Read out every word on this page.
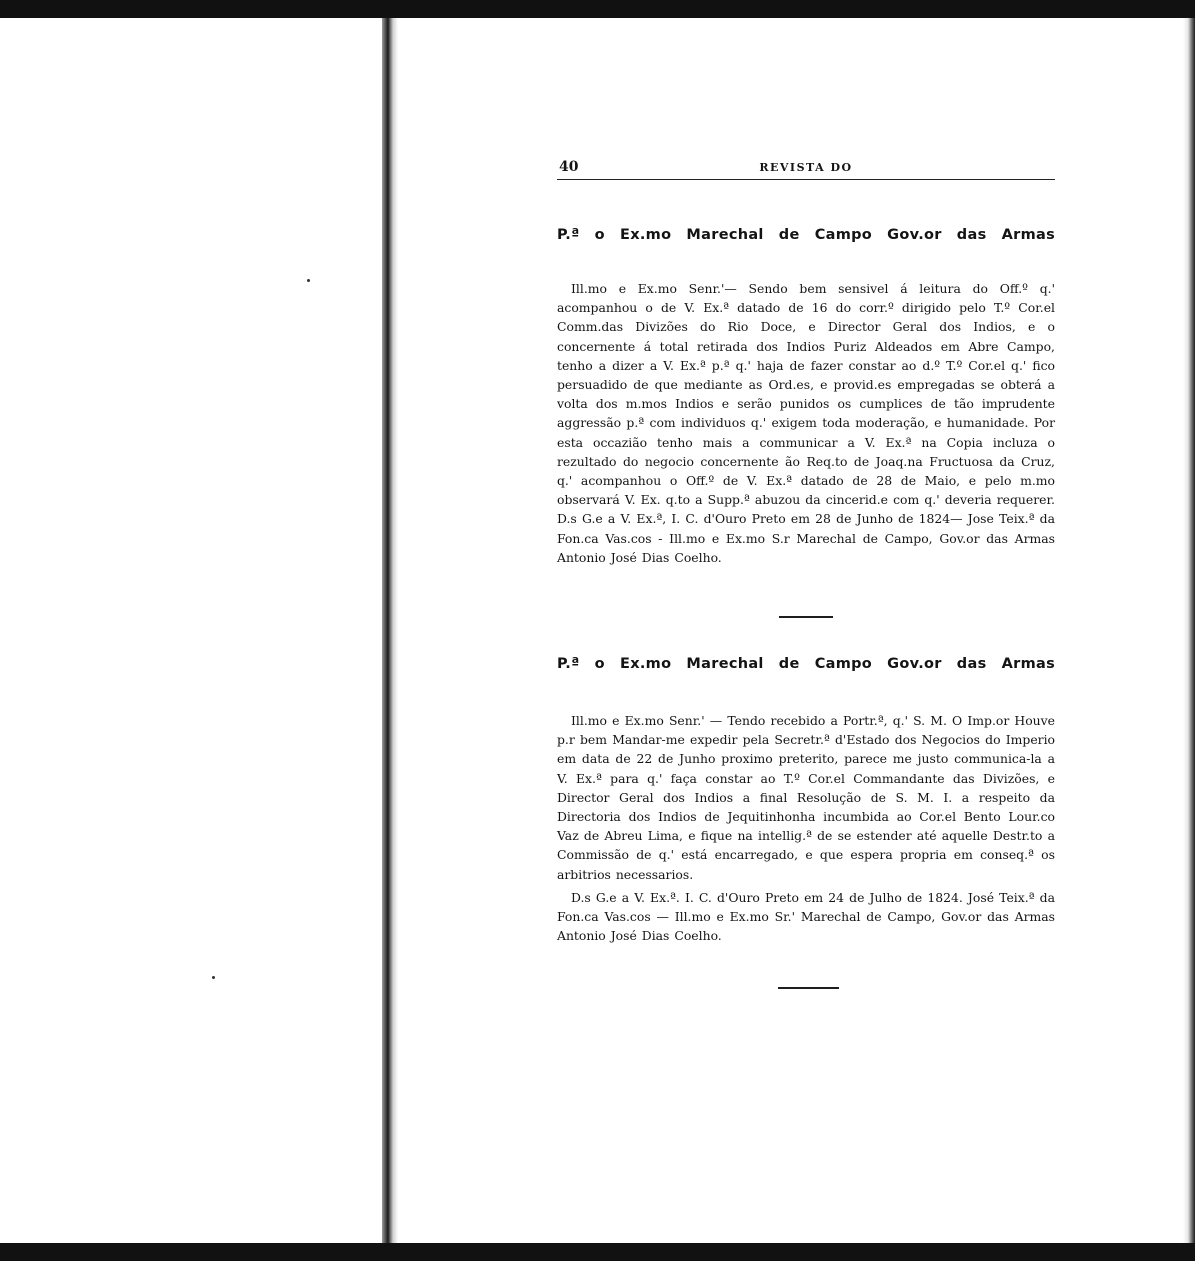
40	REVISTA DO
P.ª o Ex.mo Marechal de Campo Gov.or das Armas

Ill.mo e Ex.mo Senr.'— Sendo bem sensivel á leitura do Off.º q.' acompanhou o de V. Ex.ª datado de 16 do corr.º dirigido pelo T.º Cor.el Comm.das Divizões do Rio Doce, e Director Geral dos Indios, e o concernente á total retirada dos Indios Puriz Aldeados em Abre Campo, tenho a dizer a V. Ex.ª p.ª q.' haja de fazer constar ao d.º T.º Cor.el q.' fico persuadido de que mediante as Ord.es, e provid.es empregadas se obterá a volta dos m.mos Indios e serão punidos os cumplices de tão imprudente aggressão p.ª com individuos q.' exigem toda moderação, e humanidade. Por esta occazião tenho mais a communicar a V. Ex.ª na Copia incluza o rezultado do negocio concernente ão Req.to de Joaq.na Fructuosa da Cruz, q.' acompanhou o Off.º de V. Ex.ª datado de 28 de Maio, e pelo m.mo observará V. Ex. q.to a Supp.ª abuzou da cincerid.e com q.' deveria requerer. D.s G.e a V. Ex.ª, I. C. d'Ouro Preto em 28 de Junho de 1824— Jose Teix.ª da Fon.ca Vas.cos - Ill.mo e Ex.mo S.r Marechal de Campo, Gov.or das Armas Antonio José Dias Coelho.

P.ª o Ex.mo Marechal de Campo Gov.or das Armas

Ill.mo e Ex.mo Senr.' — Tendo recebido a Portr.ª, q.' S. M. O Imp.or Houve p.r bem Mandar-me expedir pela Secretr.ª d'Estado dos Negocios do Imperio em data de 22 de Junho proximo preterito, parece me justo communica-la a V. Ex.ª para q.' faça constar ao T.º Cor.el Commandante das Divizões, e Director Geral dos Indios a final Resolução de S. M. I. a respeito da Directoria dos Indios de Jequitinhonha incumbida ao Cor.el Bento Lour.co Vaz de Abreu Lima, e fique na intellig.ª de se estender até aquelle Destr.to a Commissão de q.' está encarregado, e que espera propria em conseq.ª os arbitrios necessarios.

D.s G.e a V. Ex.ª. I. C. d'Ouro Preto em 24 de Julho de 1824. José Teix.ª da Fon.ca Vas.cos — Ill.mo e Ex.mo Sr.' Marechal de Campo, Gov.or das Armas Antonio José Dias Coelho.
